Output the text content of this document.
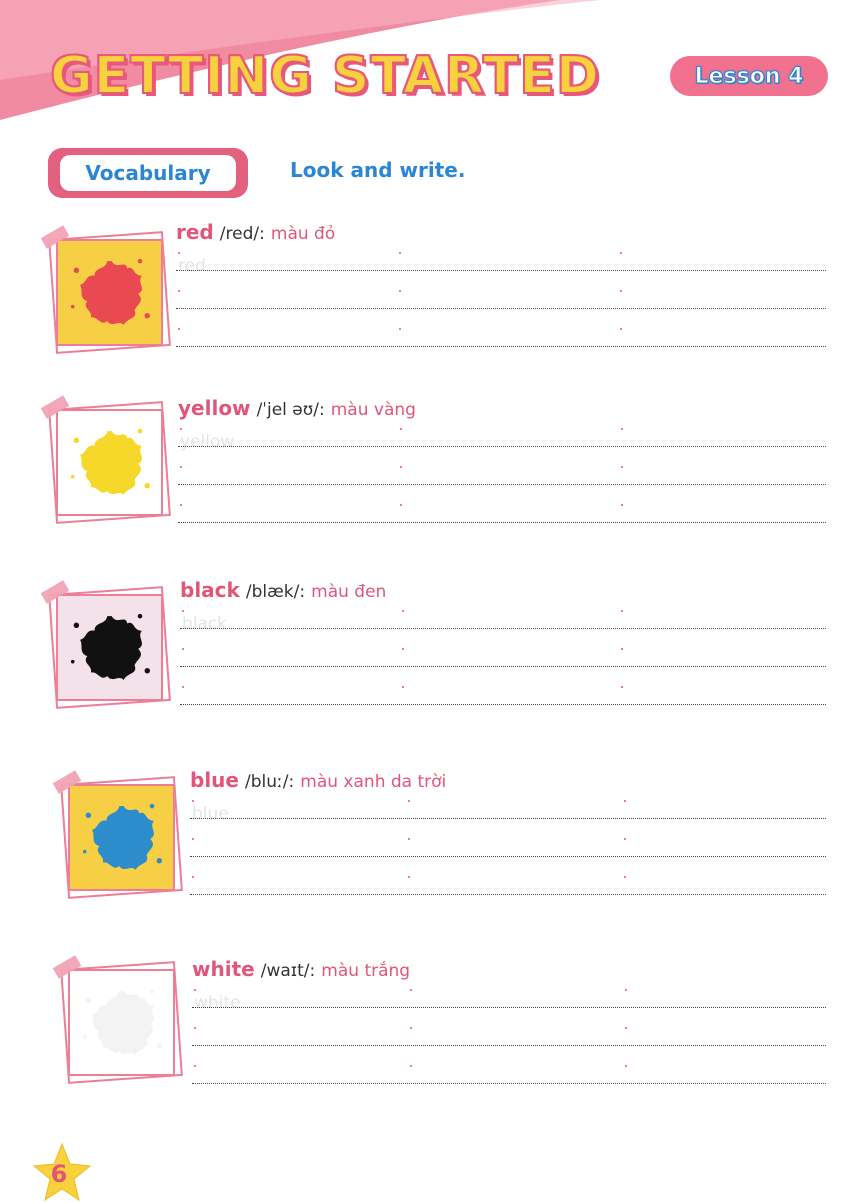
GETTING STARTED	Lesson 4
Vocabulary	Look and write.
red /red/: màu đỏ
red
yellow /ˈjel əʊ/: màu vàng
yellow
black /blæk/: màu đen
black
blue /bluː/: màu xanh da trời
blue
white /waɪt/: màu trắng
white
6
